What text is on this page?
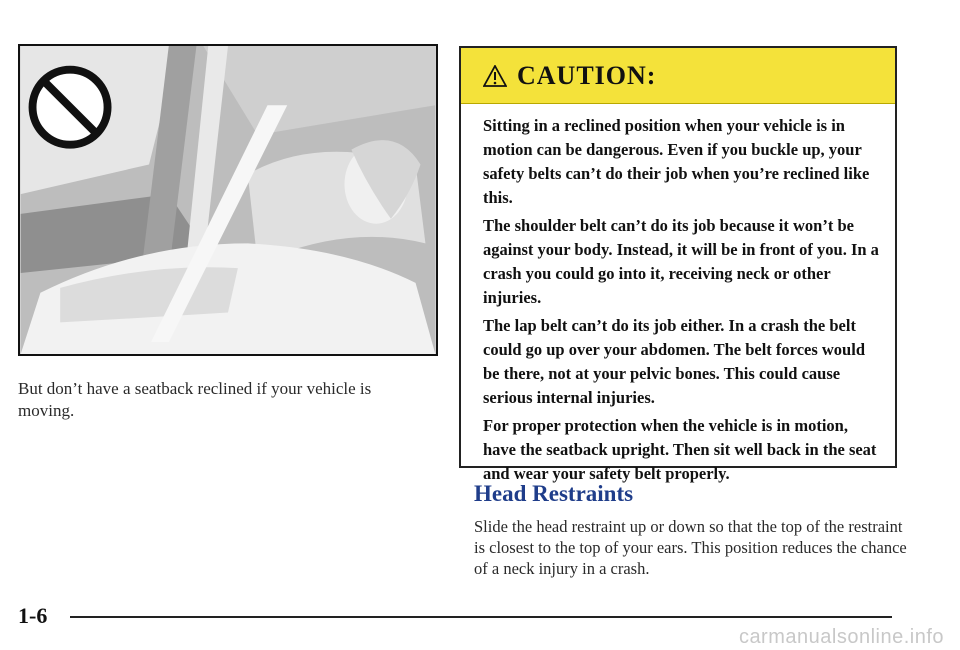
But don’t have a seatback reclined if your vehicle is moving.
CAUTION:

Sitting in a reclined position when your vehicle is in motion can be dangerous. Even if you buckle up, your safety belts can’t do their job when you’re reclined like this.

The shoulder belt can’t do its job because it won’t be against your body. Instead, it will be in front of you. In a crash you could go into it, receiving neck or other injuries.

The lap belt can’t do its job either. In a crash the belt could go up over your abdomen. The belt forces would be there, not at your pelvic bones. This could cause serious internal injuries.

For proper protection when the vehicle is in motion, have the seatback upright. Then sit well back in the seat and wear your safety belt properly.

Head Restraints
Slide the head restraint up or down so that the top of the restraint is closest to the top of your ears. This position reduces the chance of a neck injury in a crash.
1-6
carmanualsonline.info
